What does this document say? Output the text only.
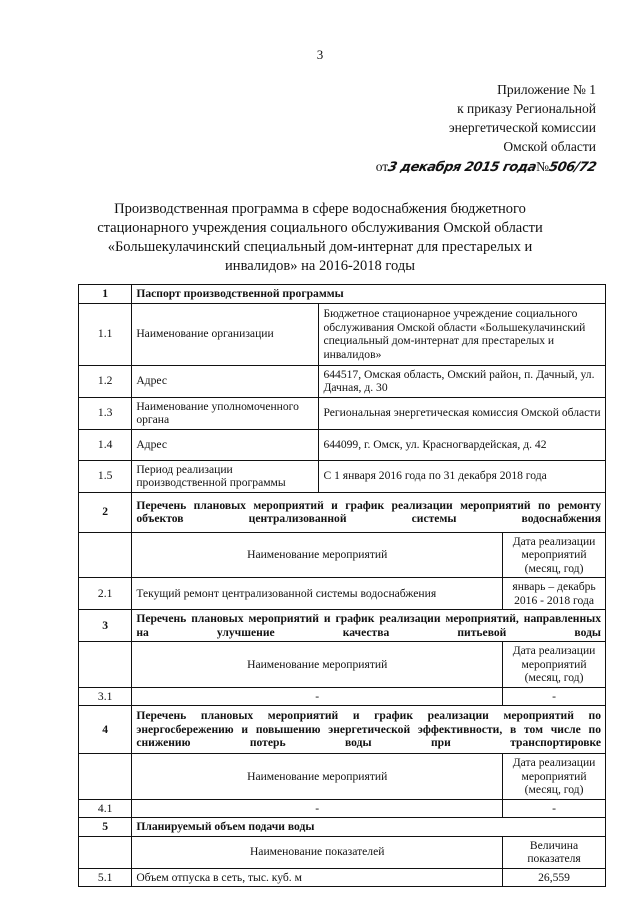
3
Приложение № 1
к приказу Региональной
энергетической комиссии
Омской области
от3 декабря 2015 года№506/72
Производственная программа в сфере водоснабжения бюджетного стационарного учреждения социального обслуживания Омской области «Большекулачинский специальный дом-интернат для престарелых и инвалидов» на 2016-2018 годы
1	Паспорт производственной программы		
1.1	Наименование организации	Бюджетное стационарное учреждение социального обслуживания Омской области «Большекулачинский специальный дом-интернат для престарелых и инвалидов»	
1.2	Адрес	644517, Омская область, Омский район, п. Дачный, ул. Дачная, д. 30	
1.3	Наименование уполномоченного органа	Региональная энергетическая комиссия Омской области	
1.4	Адрес	644099, г. Омск, ул. Красногвардейская, д. 42	
1.5	Период реализации производственной программы	С 1 января 2016 года по 31 декабря 2018 года	
2	Перечень плановых мероприятий и график реализации мероприятий по ремонту объектов централизованной системы водоснабжения		
	Наименование мероприятий		Дата реализации мероприятий (месяц, год)
2.1	Текущий ремонт централизованной системы водоснабжения		январь – декабрь 2016 - 2018 года
3	Перечень плановых мероприятий и график реализации мероприятий, направленных на улучшение качества питьевой воды		
	Наименование мероприятий		Дата реализации мероприятий (месяц, год)
3.1	-		-
4	Перечень плановых мероприятий и график реализации мероприятий по энергосбережению и повышению энергетической эффективности, в том числе по снижению потерь воды при транспортировке		
	Наименование мероприятий		Дата реализации мероприятий (месяц, год)
4.1	-		-
5	Планируемый объем подачи воды		
	Наименование показателей		Величина показателя
5.1	Объем отпуска в сеть, тыс. куб. м		26,559
